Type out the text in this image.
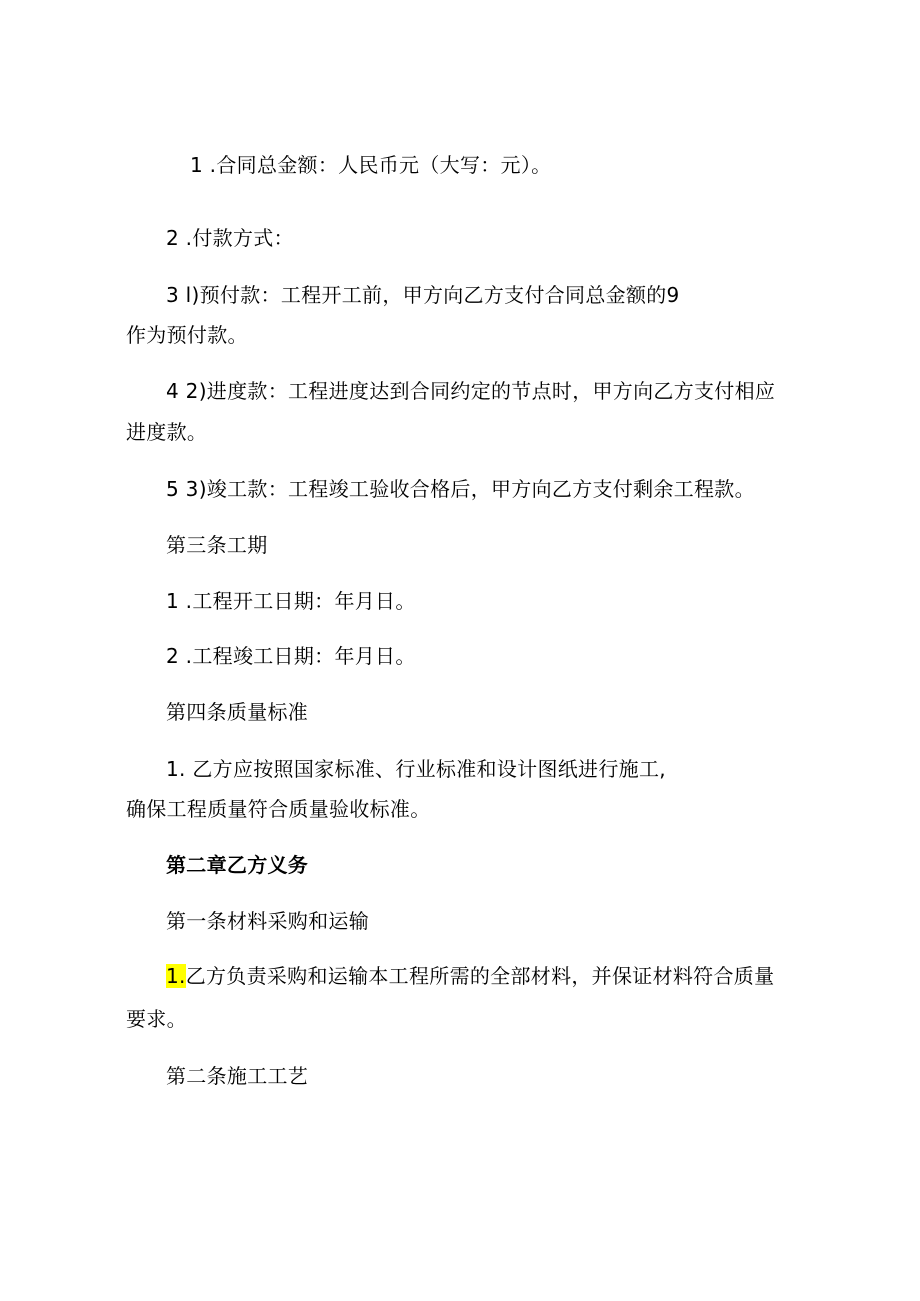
1 .合同总金额：人民币元（大写：元）。
2 .付款方式：
3 l)预付款：工程开工前，甲方向乙方支付合同总金额的9
作为预付款。
4 2)进度款：工程进度达到合同约定的节点时，甲方向乙方支付相应
进度款。
5 3)竣工款：工程竣工验收合格后，甲方向乙方支付剩余工程款。
第三条工期
1 .工程开工日期：年月日。
2 .工程竣工日期：年月日。
第四条质量标准
1. 乙方应按照国家标准、行业标准和设计图纸进行施工,
确保工程质量符合质量验收标准。
第二章乙方义务
第一条材料采购和运输
1.乙方负责采购和运输本工程所需的全部材料，并保证材料符合质量
要求。
第二条施工工艺
